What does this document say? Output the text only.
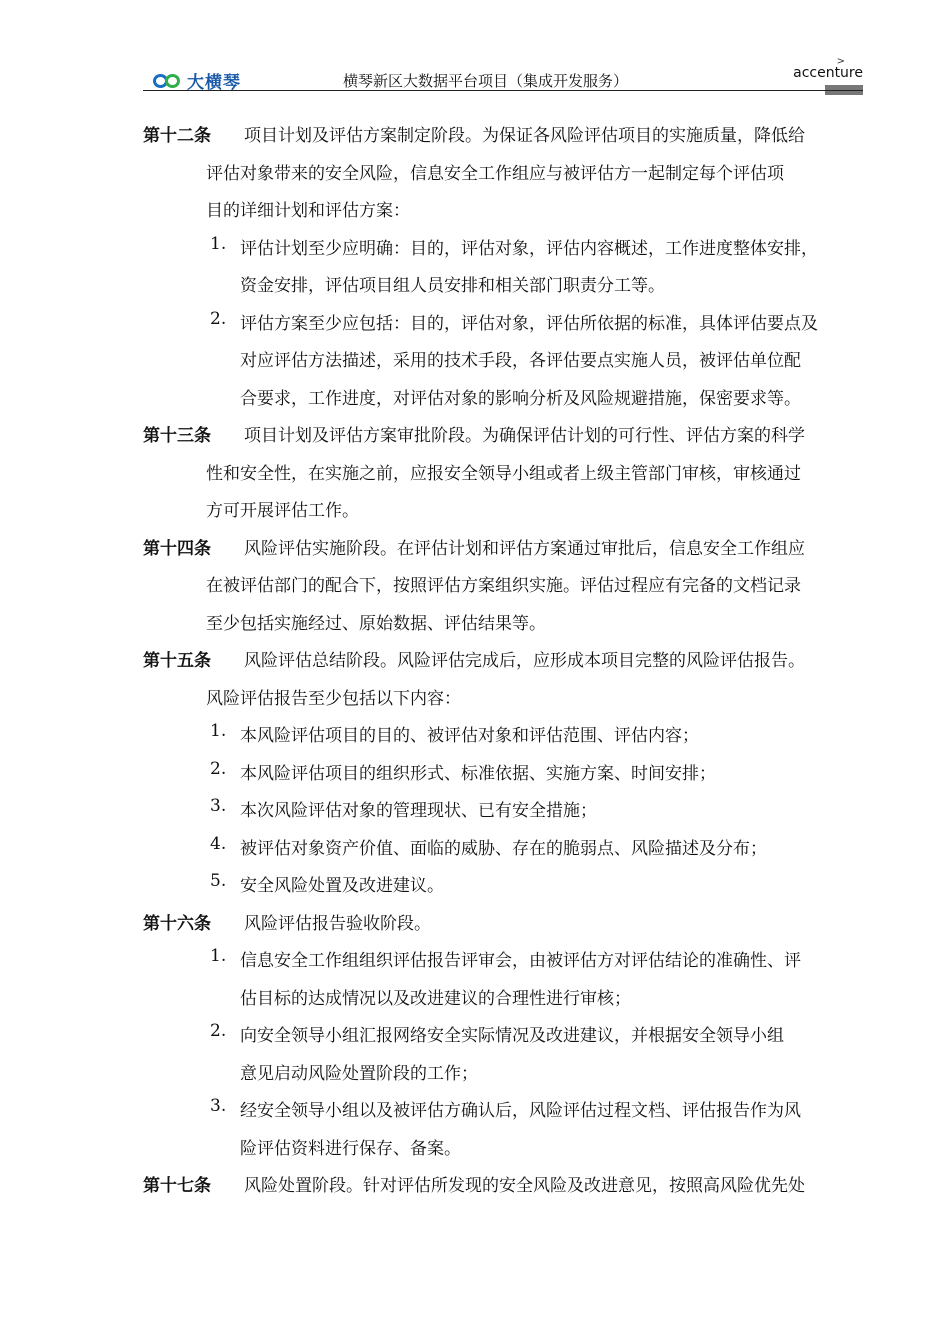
大横琴	横琴新区大数据平台项目（集成开发服务）
>
accenture
第十二条 项目计划及评估方案制定阶段。为保证各风险评估项目的实施质量，降低给
评估对象带来的安全风险，信息安全工作组应与被评估方一起制定每个评估项
目的详细计划和评估方案：
1. 评估计划至少应明确：目的，评估对象，评估内容概述，工作进度整体安排，
资金安排，评估项目组人员安排和相关部门职责分工等。
2. 评估方案至少应包括：目的，评估对象，评估所依据的标准，具体评估要点及
对应评估方法描述，采用的技术手段，各评估要点实施人员，被评估单位配
合要求，工作进度，对评估对象的影响分析及风险规避措施，保密要求等。
第十三条 项目计划及评估方案审批阶段。为确保评估计划的可行性、评估方案的科学
性和安全性，在实施之前，应报安全领导小组或者上级主管部门审核，审核通过
方可开展评估工作。
第十四条 风险评估实施阶段。在评估计划和评估方案通过审批后，信息安全工作组应
在被评估部门的配合下，按照评估方案组织实施。评估过程应有完备的文档记录
至少包括实施经过、原始数据、评估结果等。
第十五条 风险评估总结阶段。风险评估完成后，应形成本项目完整的风险评估报告。
风险评估报告至少包括以下内容：
1. 本风险评估项目的目的、被评估对象和评估范围、评估内容；
2. 本风险评估项目的组织形式、标准依据、实施方案、时间安排；
3. 本次风险评估对象的管理现状、已有安全措施；
4. 被评估对象资产价值、面临的威胁、存在的脆弱点、风险描述及分布；
5. 安全风险处置及改进建议。
第十六条 风险评估报告验收阶段。
1. 信息安全工作组组织评估报告评审会，由被评估方对评估结论的准确性、评
估目标的达成情况以及改进建议的合理性进行审核；
2. 向安全领导小组汇报网络安全实际情况及改进建议，并根据安全领导小组
意见启动风险处置阶段的工作；
3. 经安全领导小组以及被评估方确认后，风险评估过程文档、评估报告作为风
险评估资料进行保存、备案。
第十七条 风险处置阶段。针对评估所发现的安全风险及改进意见，按照高风险优先处
